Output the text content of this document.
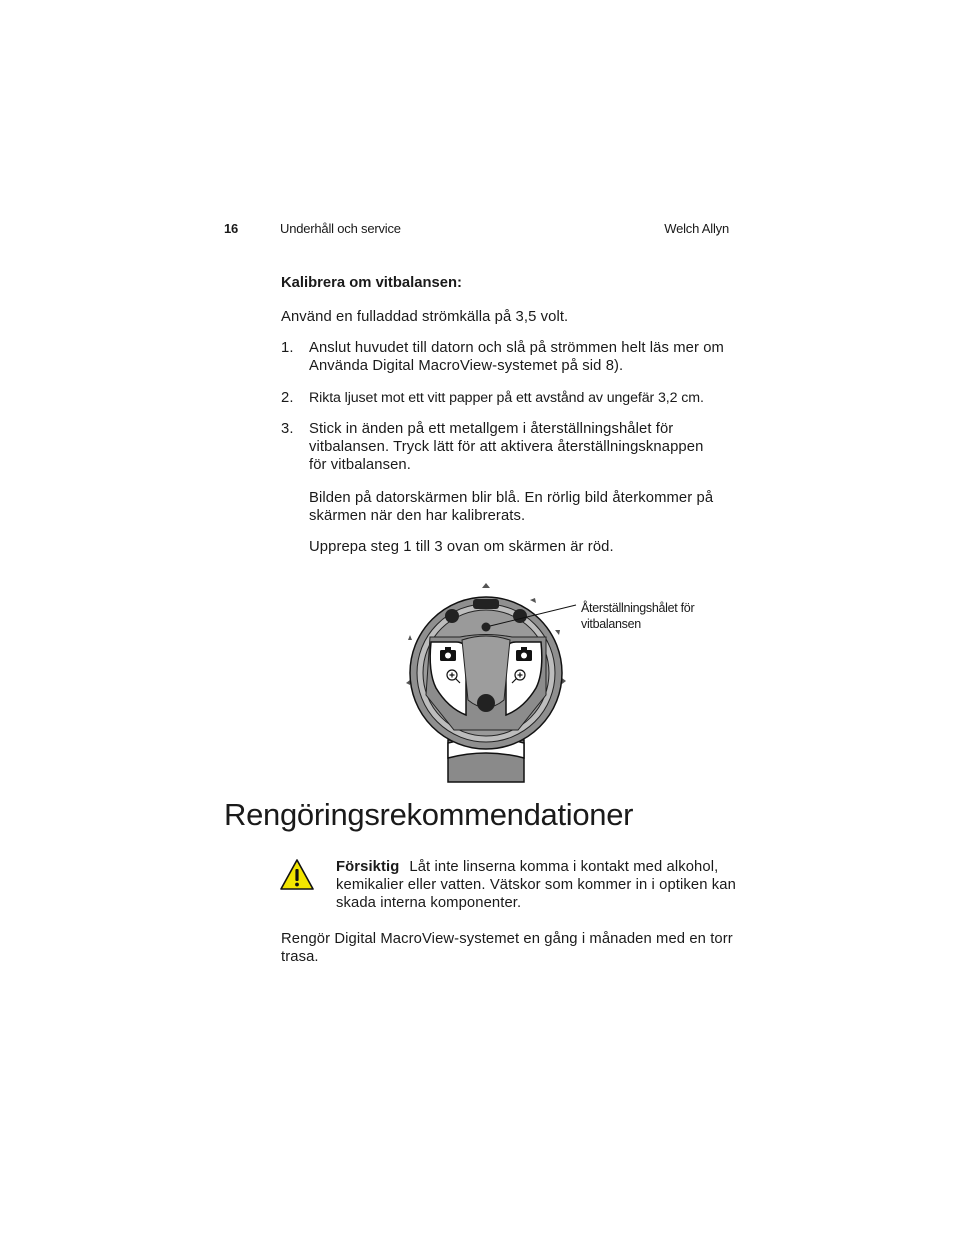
16	Underhåll och service	Welch Allyn
Kalibrera om vitbalansen:
Använd en fulladdad strömkälla på 3,5 volt.
1. Anslut huvudet till datorn och slå på strömmen helt läs mer om Använda Digital MacroView-systemet på sid 8).
2. Rikta ljuset mot ett vitt papper på ett avstånd av ungefär 3,2 cm.
3. Stick in änden på ett metallgem i återställningshålet för vitbalansen. Tryck lätt för att aktivera återställningsknappen för vitbalansen.
Bilden på datorskärmen blir blå. En rörlig bild återkommer på skärmen när den har kalibrerats.
Upprepa steg 1 till 3 ovan om skärmen är röd.
Återställningshålet för vitbalansen
Rengöringsrekommendationer
Försiktig Låt inte linserna komma i kontakt med alkohol, kemikalier eller vatten. Vätskor som kommer in i optiken kan skada interna komponenter.
Rengör Digital MacroView-systemet en gång i månaden med en torr trasa.
